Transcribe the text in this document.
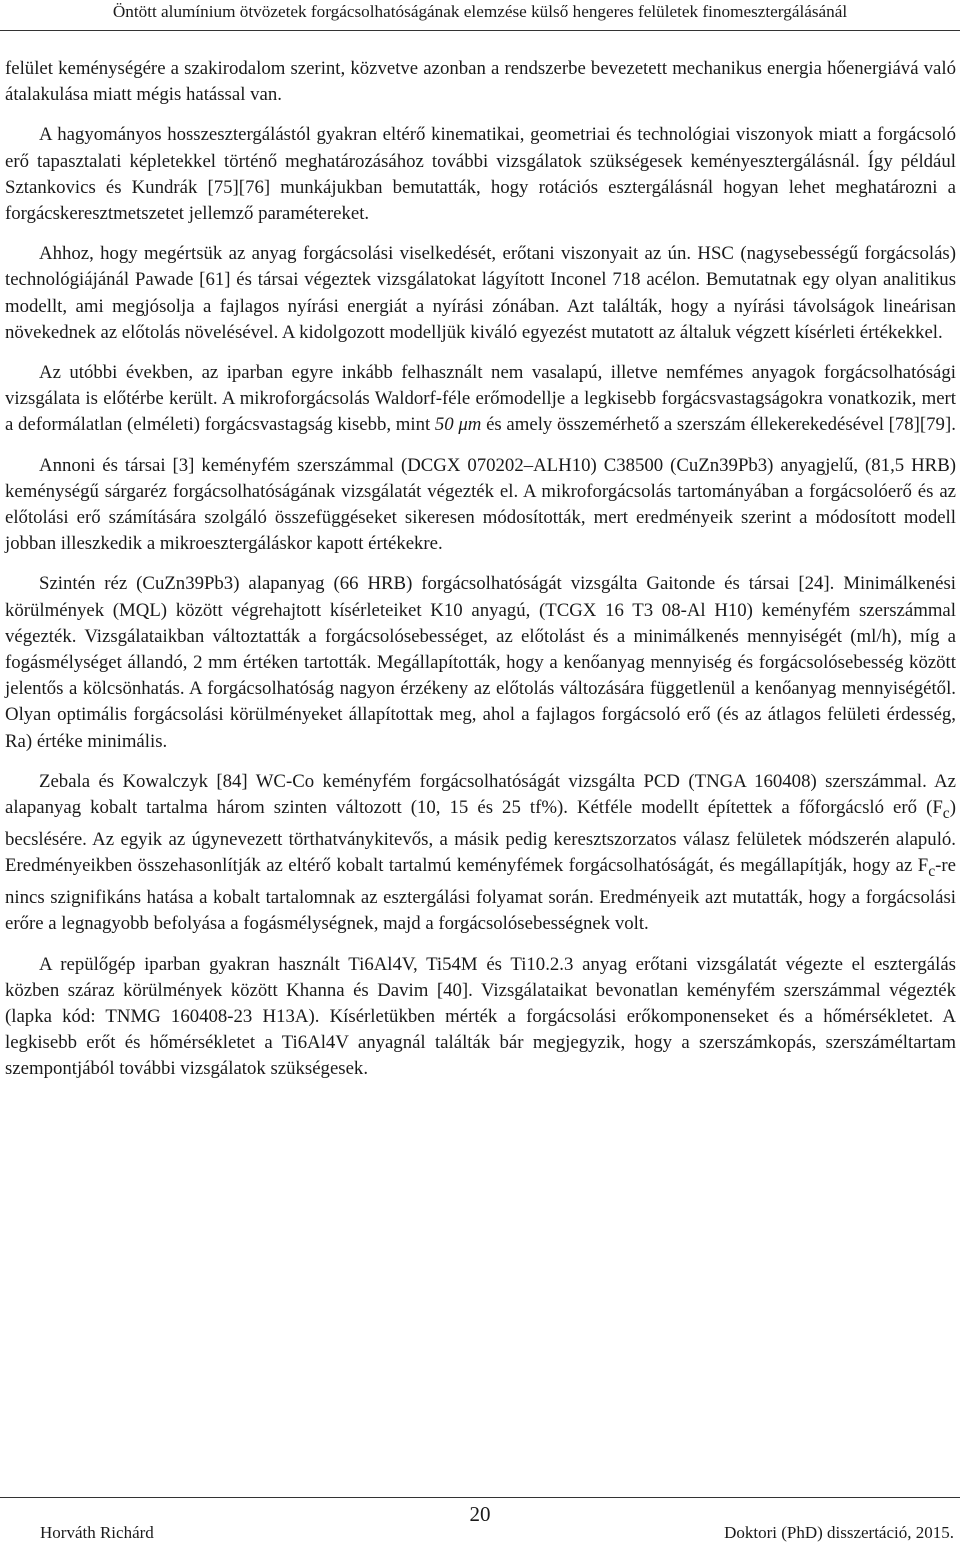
Öntött alumínium ötvözetek forgácsolhatóságának elemzése külső hengeres felületek finomesztergálásánál

felület keménységére a szakirodalom szerint, közvetve azonban a rendszerbe bevezetett mechanikus energia hőenergiává való átalakulása miatt mégis hatással van.

A hagyományos hosszesztergálástól gyakran eltérő kinematikai, geometriai és technológiai viszonyok miatt a forgácsoló erő tapasztalati képletekkel történő meghatározásához további vizsgálatok szükségesek keményesztergálásnál. Így például Sztankovics és Kundrák [75][76] munkájukban bemutatták, hogy rotációs esztergálásnál hogyan lehet meghatározni a forgácskeresztmetszetet jellemző paramétereket.

Ahhoz, hogy megértsük az anyag forgácsolási viselkedését, erőtani viszonyait az ún. HSC (nagysebességű forgácsolás) technológiájánál Pawade [61] és társai végeztek vizsgálatokat lágyított Inconel 718 acélon. Bemutatnak egy olyan analitikus modellt, ami megjósolja a fajlagos nyírási energiát a nyírási zónában. Azt találták, hogy a nyírási távolságok lineárisan növekednek az előtolás növelésével. A kidolgozott modelljük kiváló egyezést mutatott az általuk végzett kísérleti értékekkel.

Az utóbbi években, az iparban egyre inkább felhasznált nem vasalapú, illetve nemfémes anyagok forgácsolhatósági vizsgálata is előtérbe került. A mikroforgácsolás Waldorf-féle erőmodellje a legkisebb forgácsvastagságokra vonatkozik, mert a deformálatlan (elméleti) forgácsvastagság kisebb, mint 50 μm és amely összemérhető a szerszám éllekerekedésével [78][79].

Annoni és társai [3] keményfém szerszámmal (DCGX 070202–ALH10) C38500 (CuZn39Pb3) anyagjelű, (81,5 HRB) keménységű sárgaréz forgácsolhatóságának vizsgálatát végezték el. A mikroforgácsolás tartományában a forgácsolóerő és az előtolási erő számítására szolgáló összefüggéseket sikeresen módosították, mert eredményeik szerint a módosított modell jobban illeszkedik a mikroesztergáláskor kapott értékekre.

Szintén réz (CuZn39Pb3) alapanyag (66 HRB) forgácsolhatóságát vizsgálta Gaitonde és társai [24]. Minimálkenési körülmények (MQL) között végrehajtott kísérleteiket K10 anyagú, (TCGX 16 T3 08-Al H10) keményfém szerszámmal végezték. Vizsgálataikban változtatták a forgácsolósebességet, az előtolást és a minimálkenés mennyiségét (ml/h), míg a fogásmélységet állandó, 2 mm értéken tartották. Megállapították, hogy a kenőanyag mennyiség és forgácsolósebesség között jelentős a kölcsönhatás. A forgácsolhatóság nagyon érzékeny az előtolás változására függetlenül a kenőanyag mennyiségétől. Olyan optimális forgácsolási körülményeket állapítottak meg, ahol a fajlagos forgácsoló erő (és az átlagos felületi érdesség, Ra) értéke minimális.

Zebala és Kowalczyk [84] WC-Co keményfém forgácsolhatóságát vizsgálta PCD (TNGA 160408) szerszámmal. Az alapanyag kobalt tartalma három szinten változott (10, 15 és 25 tf%). Kétféle modellt építettek a főforgácsló erő $(F_c)$ becslésére. Az egyik az úgynevezett törthatványkitevős, a másik pedig keresztszorzatos válasz felületek módszerén alapuló. Eredményeikben összehasonlítják az eltérő kobalt tartalmú keményfémek forgácsolhatóságát, és megállapítják, hogy az $F_c-re$ nincs szignifikáns hatása a kobalt tartalomnak az esztergálási folyamat során. Eredményeik azt mutatták, hogy a forgácsolási erőre a legnagyobb befolyása a fogásmélységnek, majd a forgácsolósebességnek volt.

A repülőgép iparban gyakran használt Ti6Al4V, Ti54M és Ti10.2.3 anyag erőtani vizsgálatát végezte el esztergálás közben száraz körülmények között Khanna és Davim [40]. Vizsgálataikat bevonatlan keményfém szerszámmal végezték (lapka kód: TNMG 160408-23 H13A). Kísérletükben mérték a forgácsolási erőkomponenseket és a hőmérsékletet. A legkisebb erőt és hőmérsékletet a Ti6Al4V anyagnál találták bár megjegyzik, hogy a szerszámkopás, szerszáméltartam szempontjából további vizsgálatok szükségesek.

20
Horváth Richárd	Doktori (PhD) disszertáció, 2015.
